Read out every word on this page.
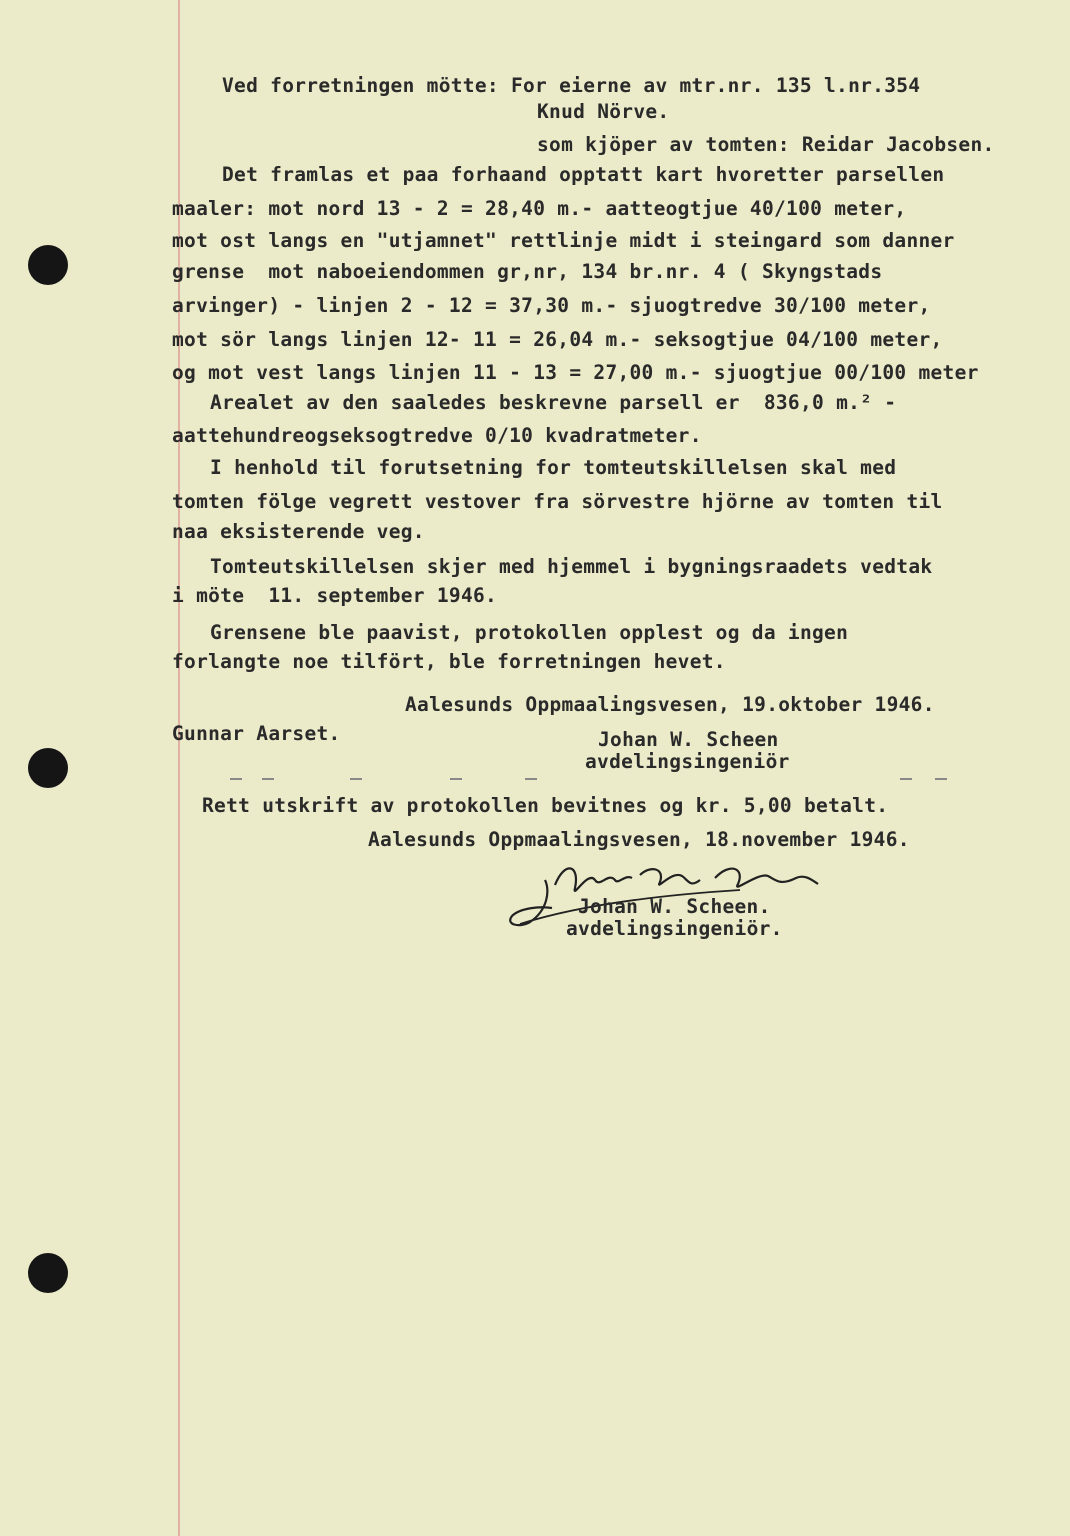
Ved forretningen mötte: For eierne av mtr.nr. 135 l.nr.354
Knud Nörve.
som kjöper av tomten: Reidar Jacobsen.
Det framlas et paa forhaand opptatt kart hvoretter parsellen
maaler: mot nord 13 - 2 = 28,40 m.- aatteogtjue 40/100 meter,
mot ost langs en "utjamnet" rettlinje midt i steingard som danner
grense  mot naboeiendommen gr,nr, 134 br.nr. 4 ( Skyngstads
arvinger) - linjen 2 - 12 = 37,30 m.- sjuogtredve 30/100 meter,
mot sör langs linjen 12- 11 = 26,04 m.- seksogtjue 04/100 meter,
og mot vest langs linjen 11 - 13 = 27,00 m.- sjuogtjue 00/100 meter
Arealet av den saaledes beskrevne parsell er  836,0 m.² -
aattehundreogseksogtredve 0/10 kvadratmeter.
I henhold til forutsetning for tomteutskillelsen skal med
tomten fölge vegrett vestover fra sörvestre hjörne av tomten til
naa eksisterende veg.
Tomteutskillelsen skjer med hjemmel i bygningsraadets vedtak
i möte  11. september 1946.
Grensene ble paavist, protokollen opplest og da ingen
forlangte noe tilfört, ble forretningen hevet.
Aalesunds Oppmaalingsvesen, 19.oktober 1946.
Gunnar Aarset.	Johan W. Scheen
avdelingsingeniör
Rett utskrift av protokollen bevitnes og kr. 5,00 betalt.
Aalesunds Oppmaalingsvesen, 18.november 1946.
Johan W. Scheen.
avdelingsingeniör.
